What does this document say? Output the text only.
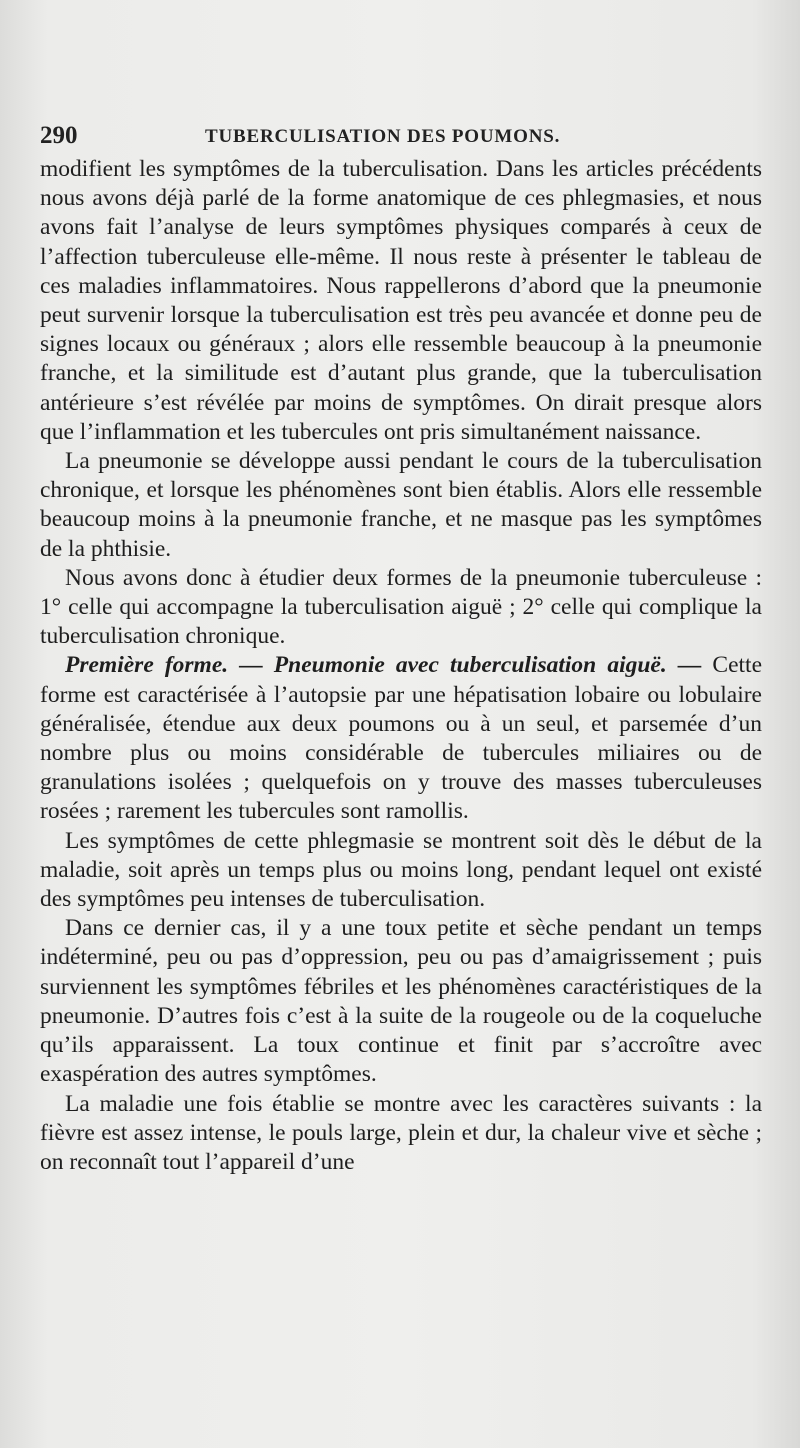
290	TUBERCULISATION DES POUMONS.

modifient les symptômes de la tuberculisation. Dans les articles précédents nous avons déjà parlé de la forme anatomique de ces phlegmasies, et nous avons fait l’analyse de leurs symptômes physiques comparés à ceux de l’affection tuberculeuse elle-même. Il nous reste à présenter le tableau de ces maladies inflammatoires. Nous rappellerons d’abord que la pneumonie peut survenir lorsque la tuberculisation est très peu avancée et donne peu de signes locaux ou généraux ; alors elle ressemble beaucoup à la pneumonie franche, et la similitude est d’autant plus grande, que la tuberculisation antérieure s’est révélée par moins de symptômes. On dirait presque alors que l’inflammation et les tubercules ont pris simultanément naissance.

La pneumonie se développe aussi pendant le cours de la tuberculisation chronique, et lorsque les phénomènes sont bien établis. Alors elle ressemble beaucoup moins à la pneumonie franche, et ne masque pas les symptômes de la phthisie.

Nous avons donc à étudier deux formes de la pneumonie tuberculeuse : 1° celle qui accompagne la tuberculisation aiguë ; 2° celle qui complique la tuberculisation chronique.

Première forme. — Pneumonie avec tuberculisation aiguë. — Cette forme est caractérisée à l’autopsie par une hépatisation lobaire ou lobulaire généralisée, étendue aux deux poumons ou à un seul, et parsemée d’un nombre plus ou moins considérable de tubercules miliaires ou de granulations isolées ; quelquefois on y trouve des masses tuberculeuses rosées ; rarement les tubercules sont ramollis.

Les symptômes de cette phlegmasie se montrent soit dès le début de la maladie, soit après un temps plus ou moins long, pendant lequel ont existé des symptômes peu intenses de tuberculisation.

Dans ce dernier cas, il y a une toux petite et sèche pendant un temps indéterminé, peu ou pas d’oppression, peu ou pas d’amaigrissement ; puis surviennent les symptômes fébriles et les phénomènes caractéristiques de la pneumonie. D’autres fois c’est à la suite de la rougeole ou de la coqueluche qu’ils apparaissent. La toux continue et finit par s’accroître avec exaspération des autres symptômes.

La maladie une fois établie se montre avec les caractères suivants : la fièvre est assez intense, le pouls large, plein et dur, la chaleur vive et sèche ; on reconnaît tout l’appareil d’une
